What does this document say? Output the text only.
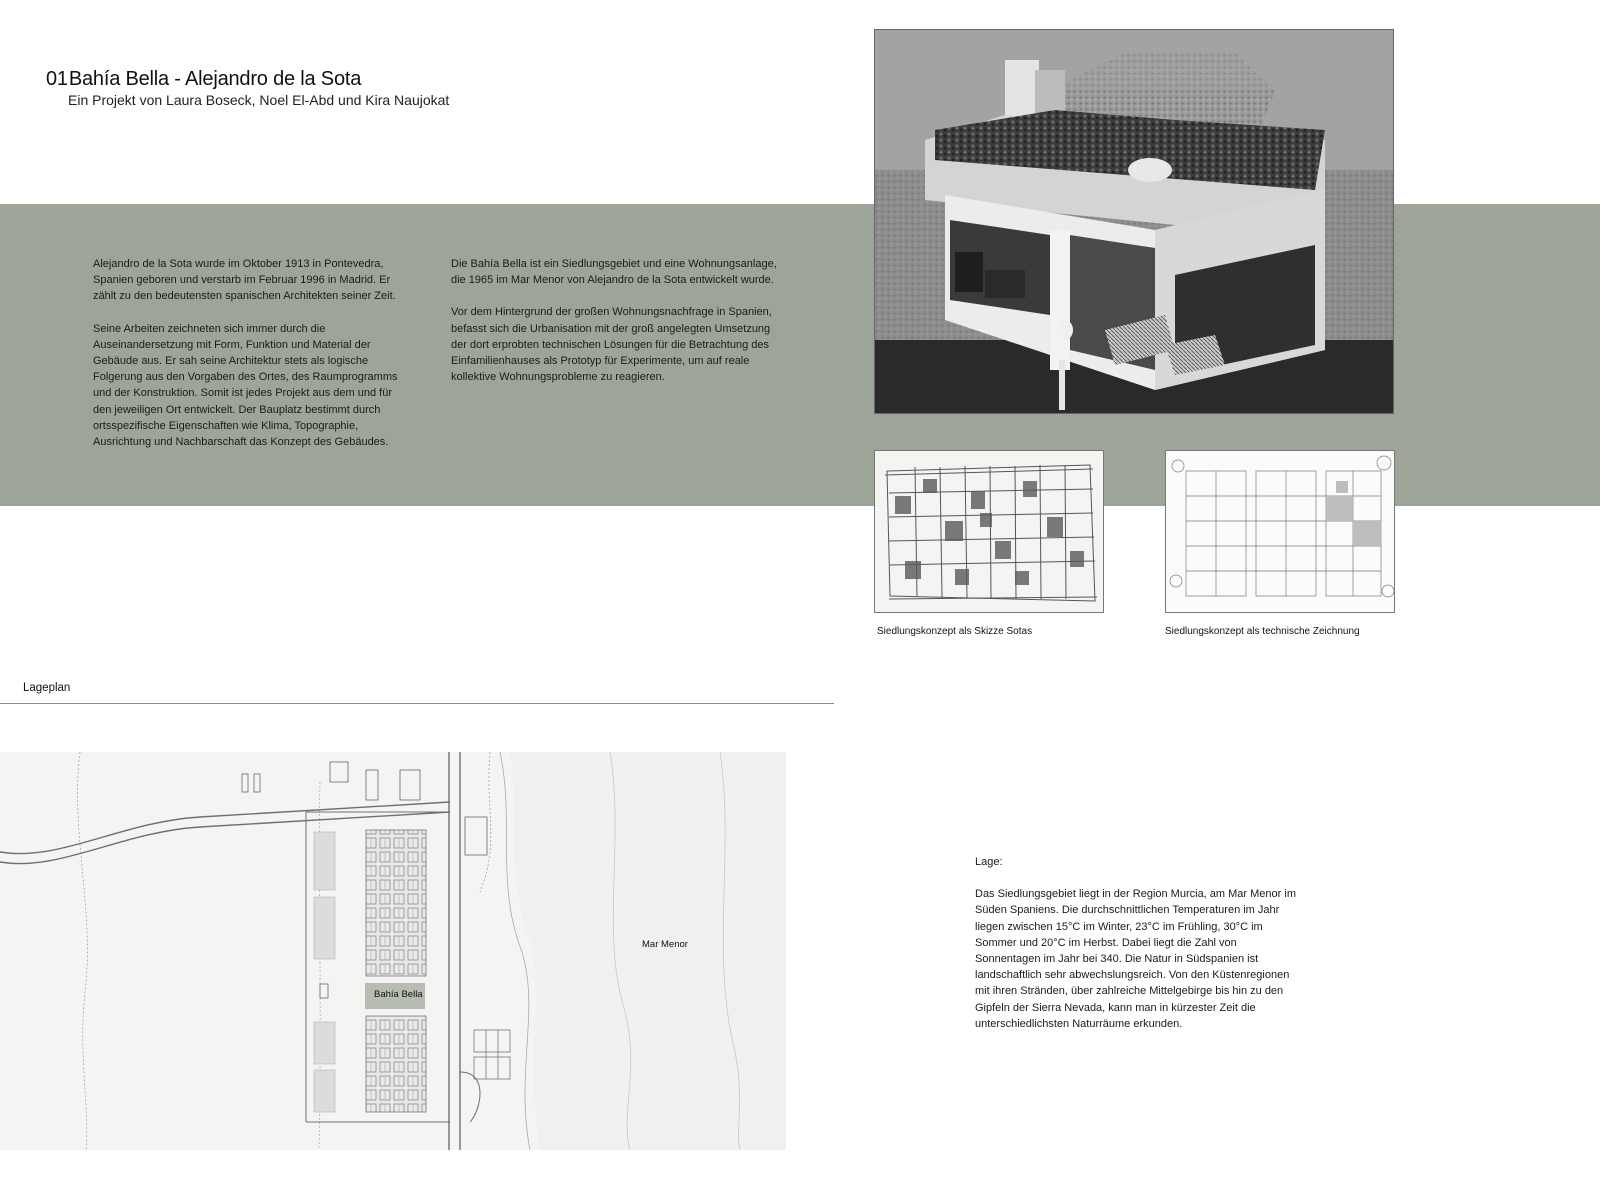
01Bahía Bella - Alejandro de la Sota
Ein Projekt von Laura Boseck, Noel El-Abd und Kira Naujokat

Alejandro de la Sota wurde im Oktober 1913 in Pontevedra, Spanien geboren und verstarb im Februar 1996 in Madrid. Er zählt zu den bedeutensten spanischen Architekten seiner Zeit.

Seine Arbeiten zeichneten sich immer durch die Auseinandersetzung mit Form, Funktion und Material der Gebäude aus. Er sah seine Architektur stets als logische Folgerung aus den Vorgaben des Ortes, des Raumprogramms und der Konstruktion. Somit ist jedes Projekt aus dem und für den jeweiligen Ort entwickelt. Der Bauplatz bestimmt durch ortsspezifische Eigenschaften wie Klima, Topographie, Ausrichtung und Nachbarschaft das Konzept des Gebäudes.

Die Bahía Bella ist ein Siedlungsgebiet und eine Wohnungsanlage, die 1965 im Mar Menor von Alejandro de la Sota entwickelt wurde.

Vor dem Hintergrund der großen Wohnungsnachfrage in Spanien, befasst sich die Urbanisation mit der groß angelegten Umsetzung der dort erprobten technischen Lösungen für die Betrachtung des Einfamilienhauses als Prototyp für Experimente, um auf reale kollektive Wohnungsprobleme zu reagieren.

Siedlungskonzept als Skizze Sotas	Siedlungskonzept als technische Zeichnung
Lageplan
Bahía Bella
Mar Menor
Lage:
Das Siedlungsgebiet liegt in der Region Murcia, am Mar Menor im Süden Spaniens. Die durchschnittlichen Temperaturen im Jahr liegen zwischen 15°C im Winter, 23°C im Frühling, 30°C im Sommer und 20°C im Herbst. Dabei liegt die Zahl von Sonnentagen im Jahr bei 340. Die Natur in Südspanien ist landschaftlich sehr abwechslungsreich. Von den Küstenregionen mit ihren Stränden, über zahlreiche Mittelgebirge bis hin zu den Gipfeln der Sierra Nevada, kann man in kürzester Zeit die unterschiedlichsten Naturräume erkunden.
